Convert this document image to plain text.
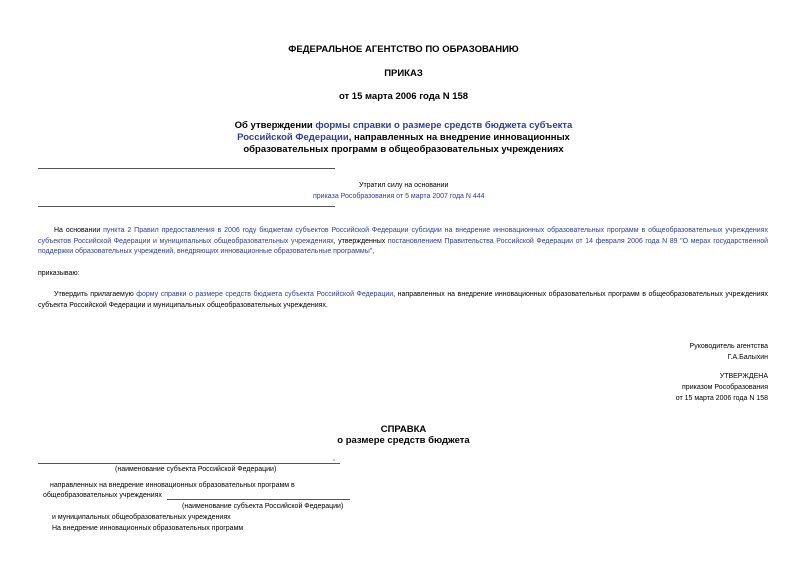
ФЕДЕРАЛЬНОЕ АГЕНТСТВО ПО ОБРАЗОВАНИЮ
ПРИКАЗ
от 15 марта 2006 года N 158
Об утверждении формы справки о размере средств бюджета субъекта
Российской Федерации, направленных на внедрение инновационных
образовательных программ в общеобразовательных учреждениях
Утратил силу на основании
приказа Рособразования от 5 марта 2007 года N 444
На основании пункта 2 Правил предоставления в 2006 году бюджетам субъектов Российской Федерации субсидии на внедрение инновационных образовательных программ в общеобразовательных учреждениях субъектов Российской Федерации и муниципальных общеобразовательных учреждениях, утвержденных постановлением Правительства Российской Федерации от 14 февраля 2006 года N 89 "О мерах государственной поддержки образовательных учреждений, внедряющих инновационные образовательные программы",
приказываю:
Утвердить прилагаемую форму справки о размере средств бюджета субъекта Российской Федерации, направленных на внедрение инновационных образовательных программ в общеобразовательных учреждениях субъекта Российской Федерации и муниципальных общеобразовательных учреждениях.
Руководитель агентства
Г.А.Балыхин
УТВЕРЖДЕНА
приказом Рособразования
от 15 марта 2006 года N 158
СПРАВКА
о размере средств бюджета
,
(наименование субъекта Российской Федерации)
направленных на внедрение инновационных образовательных программ в
общеобразовательных учреждениях
(наименование субъекта Российской Федерации)
и муниципальных общеобразовательных учреждениях
На внедрение инновационных образовательных программ
